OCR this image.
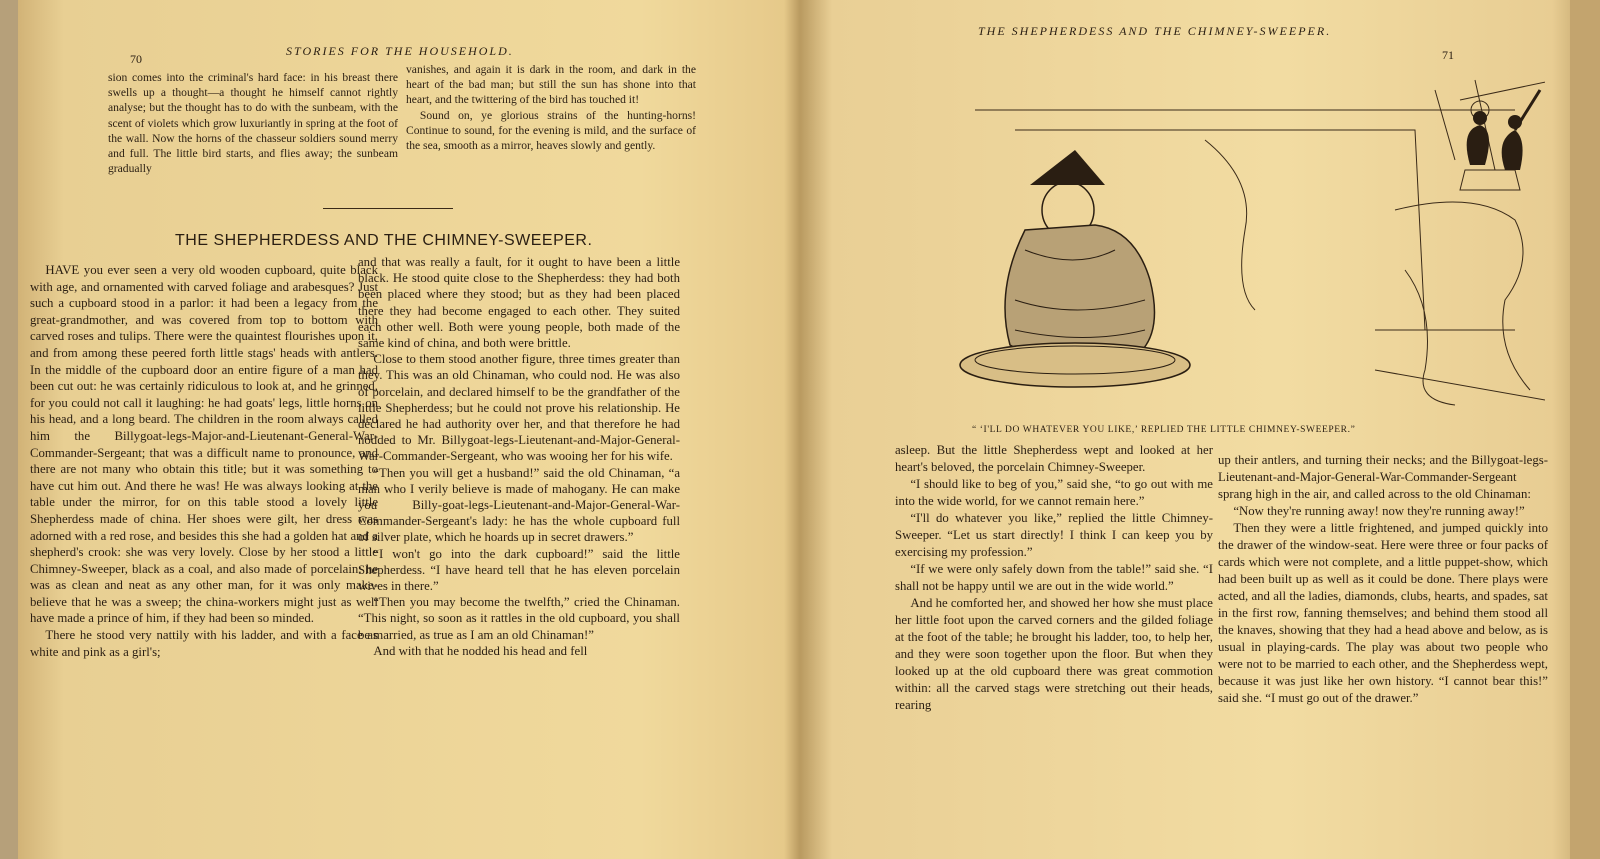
70
STORIES FOR THE HOUSEHOLD.

sion comes into the criminal's hard face: in his breast there swells up a thought—a thought he himself cannot rightly analyse; but the thought has to do with the sunbeam, with the scent of violets which grow luxuriantly in spring at the foot of the wall. Now the horns of the chasseur soldiers sound merry and full. The little bird starts, and flies away; the sunbeam gradually

vanishes, and again it is dark in the room, and dark in the heart of the bad man; but still the sun has shone into that heart, and the twittering of the bird has touched it!

Sound on, ye glorious strains of the hunting-horns! Continue to sound, for the evening is mild, and the surface of the sea, smooth as a mirror, heaves slowly and gently.

THE SHEPHERDESS AND THE CHIMNEY-SWEEPER.

HAVE you ever seen a very old wooden cupboard, quite black with age, and ornamented with carved foliage and arabesques? Just such a cupboard stood in a parlor: it had been a legacy from the great-grandmother, and was covered from top to bottom with carved roses and tulips. There were the quaintest flourishes upon it, and from among these peered forth little stags' heads with antlers. In the middle of the cupboard door an entire figure of a man had been cut out: he was certainly ridiculous to look at, and he grinned, for you could not call it laughing: he had goats' legs, little horns on his head, and a long beard. The children in the room always called him the Billygoat-legs-Major-and-Lieutenant-General-War-Commander-Sergeant; that was a difficult name to pronounce, and there are not many who obtain this title; but it was something to have cut him out. And there he was! He was always looking at the table under the mirror, for on this table stood a lovely little Shepherdess made of china. Her shoes were gilt, her dress was adorned with a red rose, and besides this she had a golden hat and a shepherd's crook: she was very lovely. Close by her stood a little Chimney-Sweeper, black as a coal, and also made of porcelain: he was as clean and neat as any other man, for it was only make-believe that he was a sweep; the china-workers might just as well have made a prince of him, if they had been so minded.

There he stood very nattily with his ladder, and with a face as white and pink as a girl's;

and that was really a fault, for it ought to have been a little black. He stood quite close to the Shepherdess: they had both been placed where they stood; but as they had been placed there they had become engaged to each other. They suited each other well. Both were young people, both made of the same kind of china, and both were brittle.

Close to them stood another figure, three times greater than they. This was an old Chinaman, who could nod. He was also of porcelain, and declared himself to be the grandfather of the little Shepherdess; but he could not prove his relationship. He declared he had authority over her, and that therefore he had nodded to Mr. Billygoat-legs-Lieutenant-and-Major-General-War-Commander-Sergeant, who was wooing her for his wife.

“Then you will get a husband!” said the old Chinaman, “a man who I verily believe is made of mahogany. He can make you Billy-goat-legs-Lieutenant-and-Major-General-War-Commander-Sergeant's lady: he has the whole cupboard full of silver plate, which he hoards up in secret drawers.”

“I won't go into the dark cupboard!” said the little Shepherdess. “I have heard tell that he has eleven porcelain wives in there.”

“Then you may become the twelfth,” cried the Chinaman. “This night, so soon as it rattles in the old cupboard, you shall be married, as true as I am an old Chinaman!”

And with that he nodded his head and fell

THE SHEPHERDESS AND THE CHIMNEY-SWEEPER.
71
“ ‘I'LL DO WHATEVER YOU LIKE,’ REPLIED THE LITTLE CHIMNEY-SWEEPER.”

asleep. But the little Shepherdess wept and looked at her heart's beloved, the porcelain Chimney-Sweeper.

“I should like to beg of you,” said she, “to go out with me into the wide world, for we cannot remain here.”

“I'll do whatever you like,” replied the little Chimney-Sweeper. “Let us start directly! I think I can keep you by exercising my profession.”

“If we were only safely down from the table!” said she. “I shall not be happy until we are out in the wide world.”

And he comforted her, and showed her how she must place her little foot upon the carved corners and the gilded foliage at the foot of the table; he brought his ladder, too, to help her, and they were soon together upon the floor. But when they looked up at the old cupboard there was great commotion within: all the carved stags were stretching out their heads, rearing

up their antlers, and turning their necks; and the Billygoat-legs-Lieutenant-and-Major-General-War-Commander-Sergeant sprang high in the air, and called across to the old Chinaman:

“Now they're running away! now they're running away!”

Then they were a little frightened, and jumped quickly into the drawer of the window-seat. Here were three or four packs of cards which were not complete, and a little puppet-show, which had been built up as well as it could be done. There plays were acted, and all the ladies, diamonds, clubs, hearts, and spades, sat in the first row, fanning themselves; and behind them stood all the knaves, showing that they had a head above and below, as is usual in playing-cards. The play was about two people who were not to be married to each other, and the Shepherdess wept, because it was just like her own history. “I cannot bear this!” said she. “I must go out of the drawer.”
